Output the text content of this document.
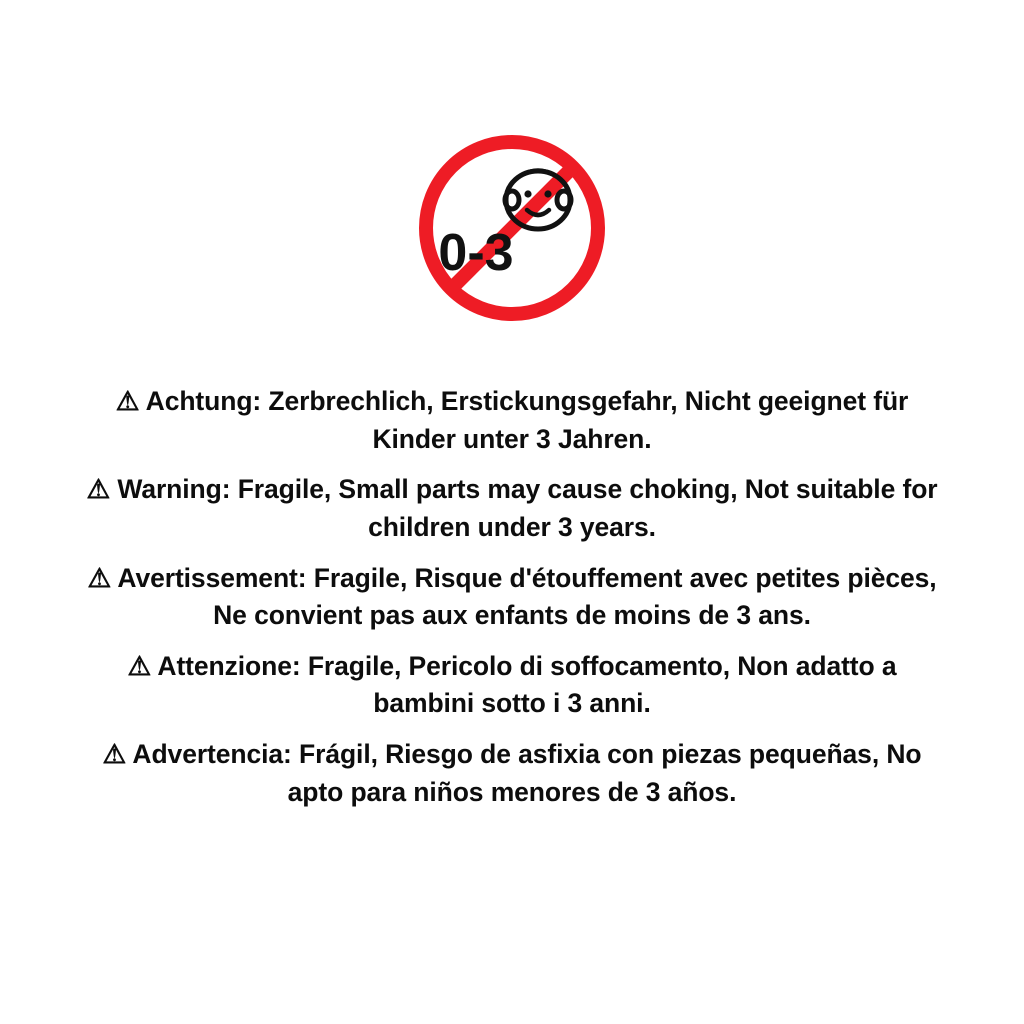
0-3

⚠ Achtung: Zerbrechlich, Erstickungsgefahr, Nicht geeignet für Kinder unter 3 Jahren.

⚠ Warning: Fragile, Small parts may cause choking, Not suitable for children under 3 years.

⚠ Avertissement: Fragile, Risque d'étouffement avec petites pièces, Ne convient pas aux enfants de moins de 3 ans.

⚠ Attenzione: Fragile, Pericolo di soffocamento, Non adatto a bambini sotto i 3 anni.

⚠ Advertencia: Frágil, Riesgo de asfixia con piezas pequeñas, No apto para niños menores de 3 años.
